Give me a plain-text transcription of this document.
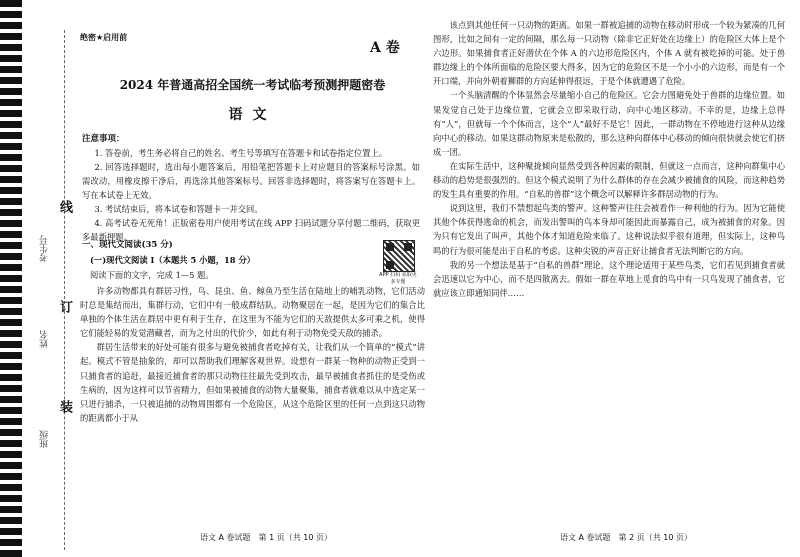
线
订
装
考生号
姓名
班级
绝密★启用前
A 卷
2024 年普通高招全国统一考试临考预测押题密卷
语文
注意事项：
1. 答卷前，考生务必将自己的姓名、考生号等填写在答题卡和试卷指定位置上。
2. 回答选择题时，选出每小题答案后，用铅笔把答题卡上对应题目的答案标号涂黑。如需改动，用橡皮擦干净后，再选涂其他答案标号。回答非选择题时，将答案写在答题卡上。写在本试卷上无效。
3. 考试结束后，将本试卷和答题卡一并交回。
4. 高考试卷无死角！正版密卷用户使用考试在线 APP 扫码试题分享付题二维码，获取更多最新押题。
一、现代文阅读(35 分)
(一)现代文阅读 I（本题共 5 小题，18 分）
阅读下面的文字，完成 1—5 题。	APP 扫码 获取更多专题

许多动物都具有群居习性，鸟、昆虫、鱼、鲸鱼乃至生活在陆地上的哺乳动物，它们活动时总是集结而出，集群行动，它们中有一般成群结队。动物聚居在一起，是因为它们的集合比单独的个体生活在群居中更有利于生存，在这里为不能为它们的天敌提供太多可乘之机，使得它们能轻易的发觉潜藏者，而为之付出的代价少，如此有利于动物免受天敌的捕杀。

群居生活带来的好处可能有很多与避免被捕食者吃掉有关，让我们从一个简单的“模式”讲起。模式不管是抽象的，却可以帮助我们理解客观世界。设想有一群某一物种的动物正受到一只捕食者的追赶，最接近捕食者的那只动物往往最先受到攻击，最早被捕食者抓住的是受伤或生病的，因为这样可以节省精力，但如果被捕食的动物大量聚集，捕食者就难以从中选定某一只进行捕杀，一只被追捕的动物周围都有一个危险区，从这个危险区里的任何一点到这只动物的距离都小于从

该点到其他任何一只动物的距离。如果一群被追捕的动物在移动时形成一个较为紧凑的几何图形，比如之间有一定的间隔，那么每一只动物（除非它正好处在边缘上）的危险区大体上是个六边形。如果捕食者正好潜伏在个体 A 的六边形危险区内，个体 A 就有被吃掉的可能。处于兽群边缘上的个体所面临的危险区要大得多，因为它的危险区不是一个小小的六边形，而是有一个开口端，并向外朝着狮群的方向延伸得很远，于是个体就遭遇了危险。

一个头脑清醒的个体显然会尽量缩小自己的危险区。它会力图避免处于兽群的边缘位置。如果发觉自己处于边缘位置，它就会立即采取行动，向中心地区移动。不幸的是，边缘上总得有“人”，但就每一个个体而言，这个“人”最好不是它！因此，一群动物在不停地进行这种从边缘向中心的移动。如果这群动物原来是松散的，那么这种向群体中心移动的倾向很快就会使它们挤成一团。

在实际生活中，这种聚拢倾向显然受到各种因素的限制，但就这一点而言，这种向群集中心移动的趋势是很强烈的。但这个模式说明了为什么群体的存在会减少被捕食的风险，而这种趋势的发生具有重要的作用。“自私的兽群”这个概念可以解释许多群居动物的行为。

说到这里，我们不禁想起鸟类的警声。这种警声往往会被看作一种利他的行为。因为它能使其他个体获得逃命的机会，而发出警叫的鸟本身却可能因此而暴露自己，成为被捕食的对象。因为只有它发出了叫声，其他个体才知道危险来临了。这种说法似乎很有道理，但实际上，这种鸟鸣的行为很可能是出于自私的考虑。这种尖锐的声音正好让捕食者无法判断它的方向。

我的另一个想法是基于“自私的兽群”理论，这个理论适用于某些鸟类，它们若见到捕食者就会迅速以它为中心，而不是四散离去。假如一群在草地上觅食的鸟中有一只鸟发现了捕食者，它就应该立即通知同伴……

语文 A 卷试题　第 1 页（共 10 页）	语文 A 卷试题　第 2 页（共 10 页）
